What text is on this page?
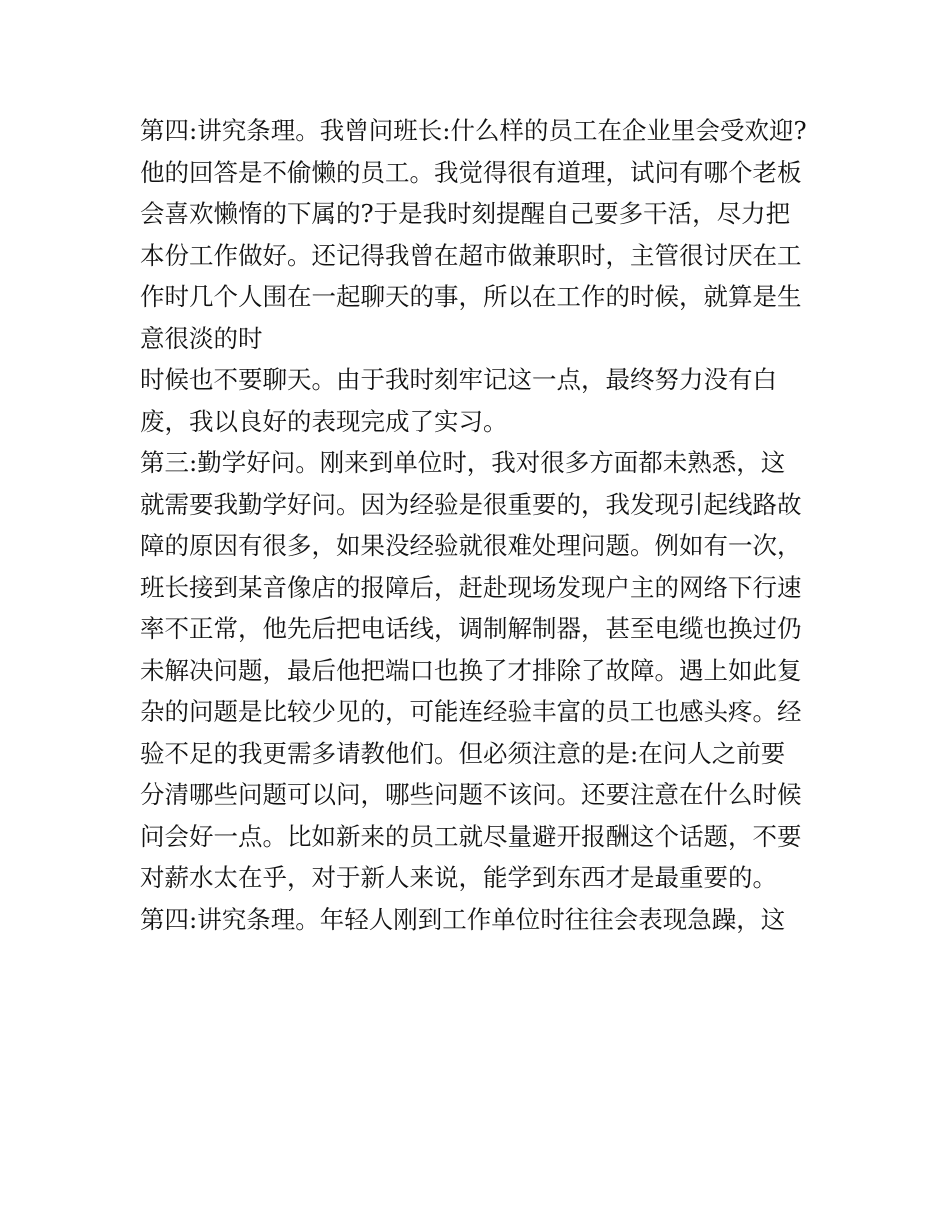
第四:讲究条理。我曾问班长:什么样的员工在企业里会受欢迎?
他的回答是不偷懒的员工。我觉得很有道理，试问有哪个老板
会喜欢懒惰的下属的?于是我时刻提醒自己要多干活，尽力把
本份工作做好。还记得我曾在超市做兼职时，主管很讨厌在工
作时几个人围在一起聊天的事，所以在工作的时候，就算是生
意很淡的时
时候也不要聊天。由于我时刻牢记这一点，最终努力没有白
废，我以良好的表现完成了实习。
第三:勤学好问。刚来到单位时，我对很多方面都未熟悉，这
就需要我勤学好问。因为经验是很重要的，我发现引起线路故
障的原因有很多，如果没经验就很难处理问题。例如有一次，
班长接到某音像店的报障后，赶赴现场发现户主的网络下行速
率不正常，他先后把电话线，调制解制器，甚至电缆也换过仍
未解决问题，最后他把端口也换了才排除了故障。遇上如此复
杂的问题是比较少见的，可能连经验丰富的员工也感头疼。经
验不足的我更需多请教他们。但必须注意的是:在问人之前要
分清哪些问题可以问，哪些问题不该问。还要注意在什么时候
问会好一点。比如新来的员工就尽量避开报酬这个话题，不要
对薪水太在乎，对于新人来说，能学到东西才是最重要的。
第四:讲究条理。年轻人刚到工作单位时往往会表现急躁，这
